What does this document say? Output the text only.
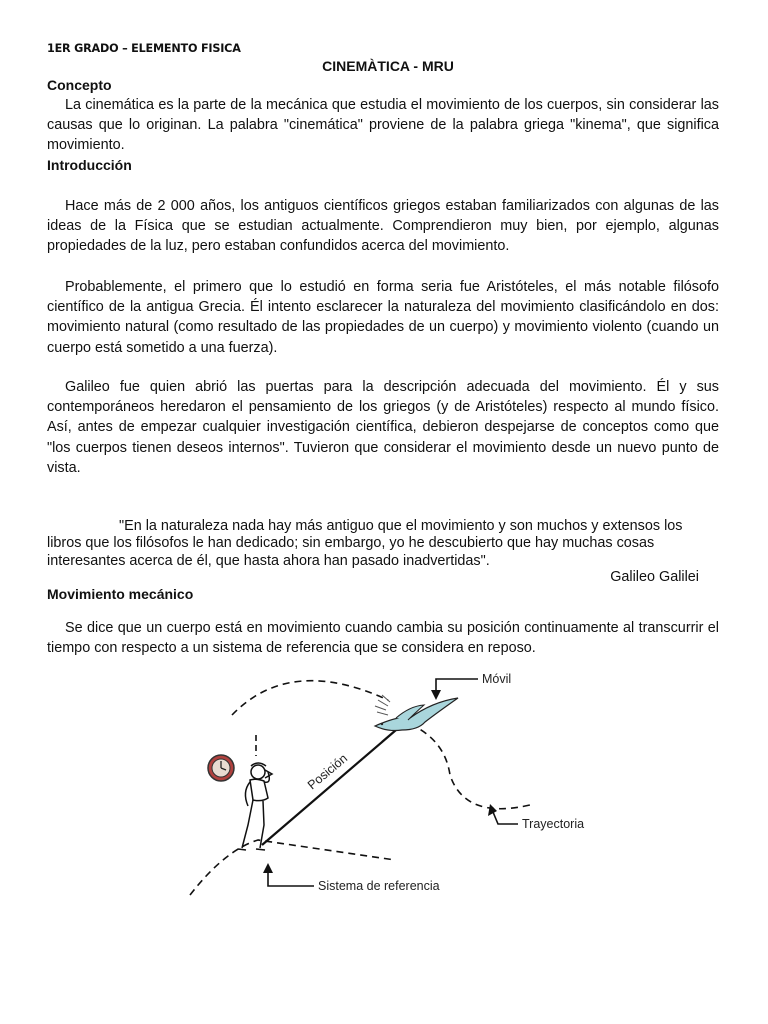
1ER GRADO – ELEMENTO FISICA
CINEMÀTICA - MRU
Concepto

La cinemática es la parte de la mecánica que estudia el movimiento de los cuerpos, sin considerar las causas que lo originan. La palabra "cinemática" proviene de la palabra griega "kinema", que significa movimiento.

Introducción

Hace más de 2 000 años, los antiguos científicos griegos estaban familiarizados con algunas de las ideas de la Física que se estudian actualmente. Comprendieron muy bien, por ejemplo, algunas propiedades de la luz, pero estaban confundidos acerca del movimiento.

Probablemente, el primero que lo estudió en forma seria fue Aristóteles, el más notable filósofo científico de la antigua Grecia. Él intento esclarecer la naturaleza del movimiento clasificándolo en dos: movimiento natural (como resultado de las propiedades de un cuerpo) y movimiento violento (cuando un cuerpo está sometido a una fuerza).

Galileo fue quien abrió las puertas para la descripción adecuada del movimiento. Él y sus contemporáneos heredaron el pensamiento de los griegos (y de Aristóteles) respecto al mundo físico. Así, antes de empezar cualquier investigación científica, debieron despejarse de conceptos como que "los cuerpos tienen deseos internos". Tuvieron que considerar el movimiento desde un nuevo punto de vista.

"En la naturaleza nada hay más antiguo que el movimiento y son muchos y extensos los libros que los filósofos le han dedicado; sin embargo, yo he descubierto que hay muchas cosas interesantes acerca de él, que hasta ahora han pasado inadvertidas".

Galileo Galilei
Movimiento mecánico

Se dice que un cuerpo está en movimiento cuando cambia su posición continuamente al transcurrir el tiempo con respecto a un sistema de referencia que se considera en reposo.

Posición
Móvil
Trayectoria
Sistema de referencia
